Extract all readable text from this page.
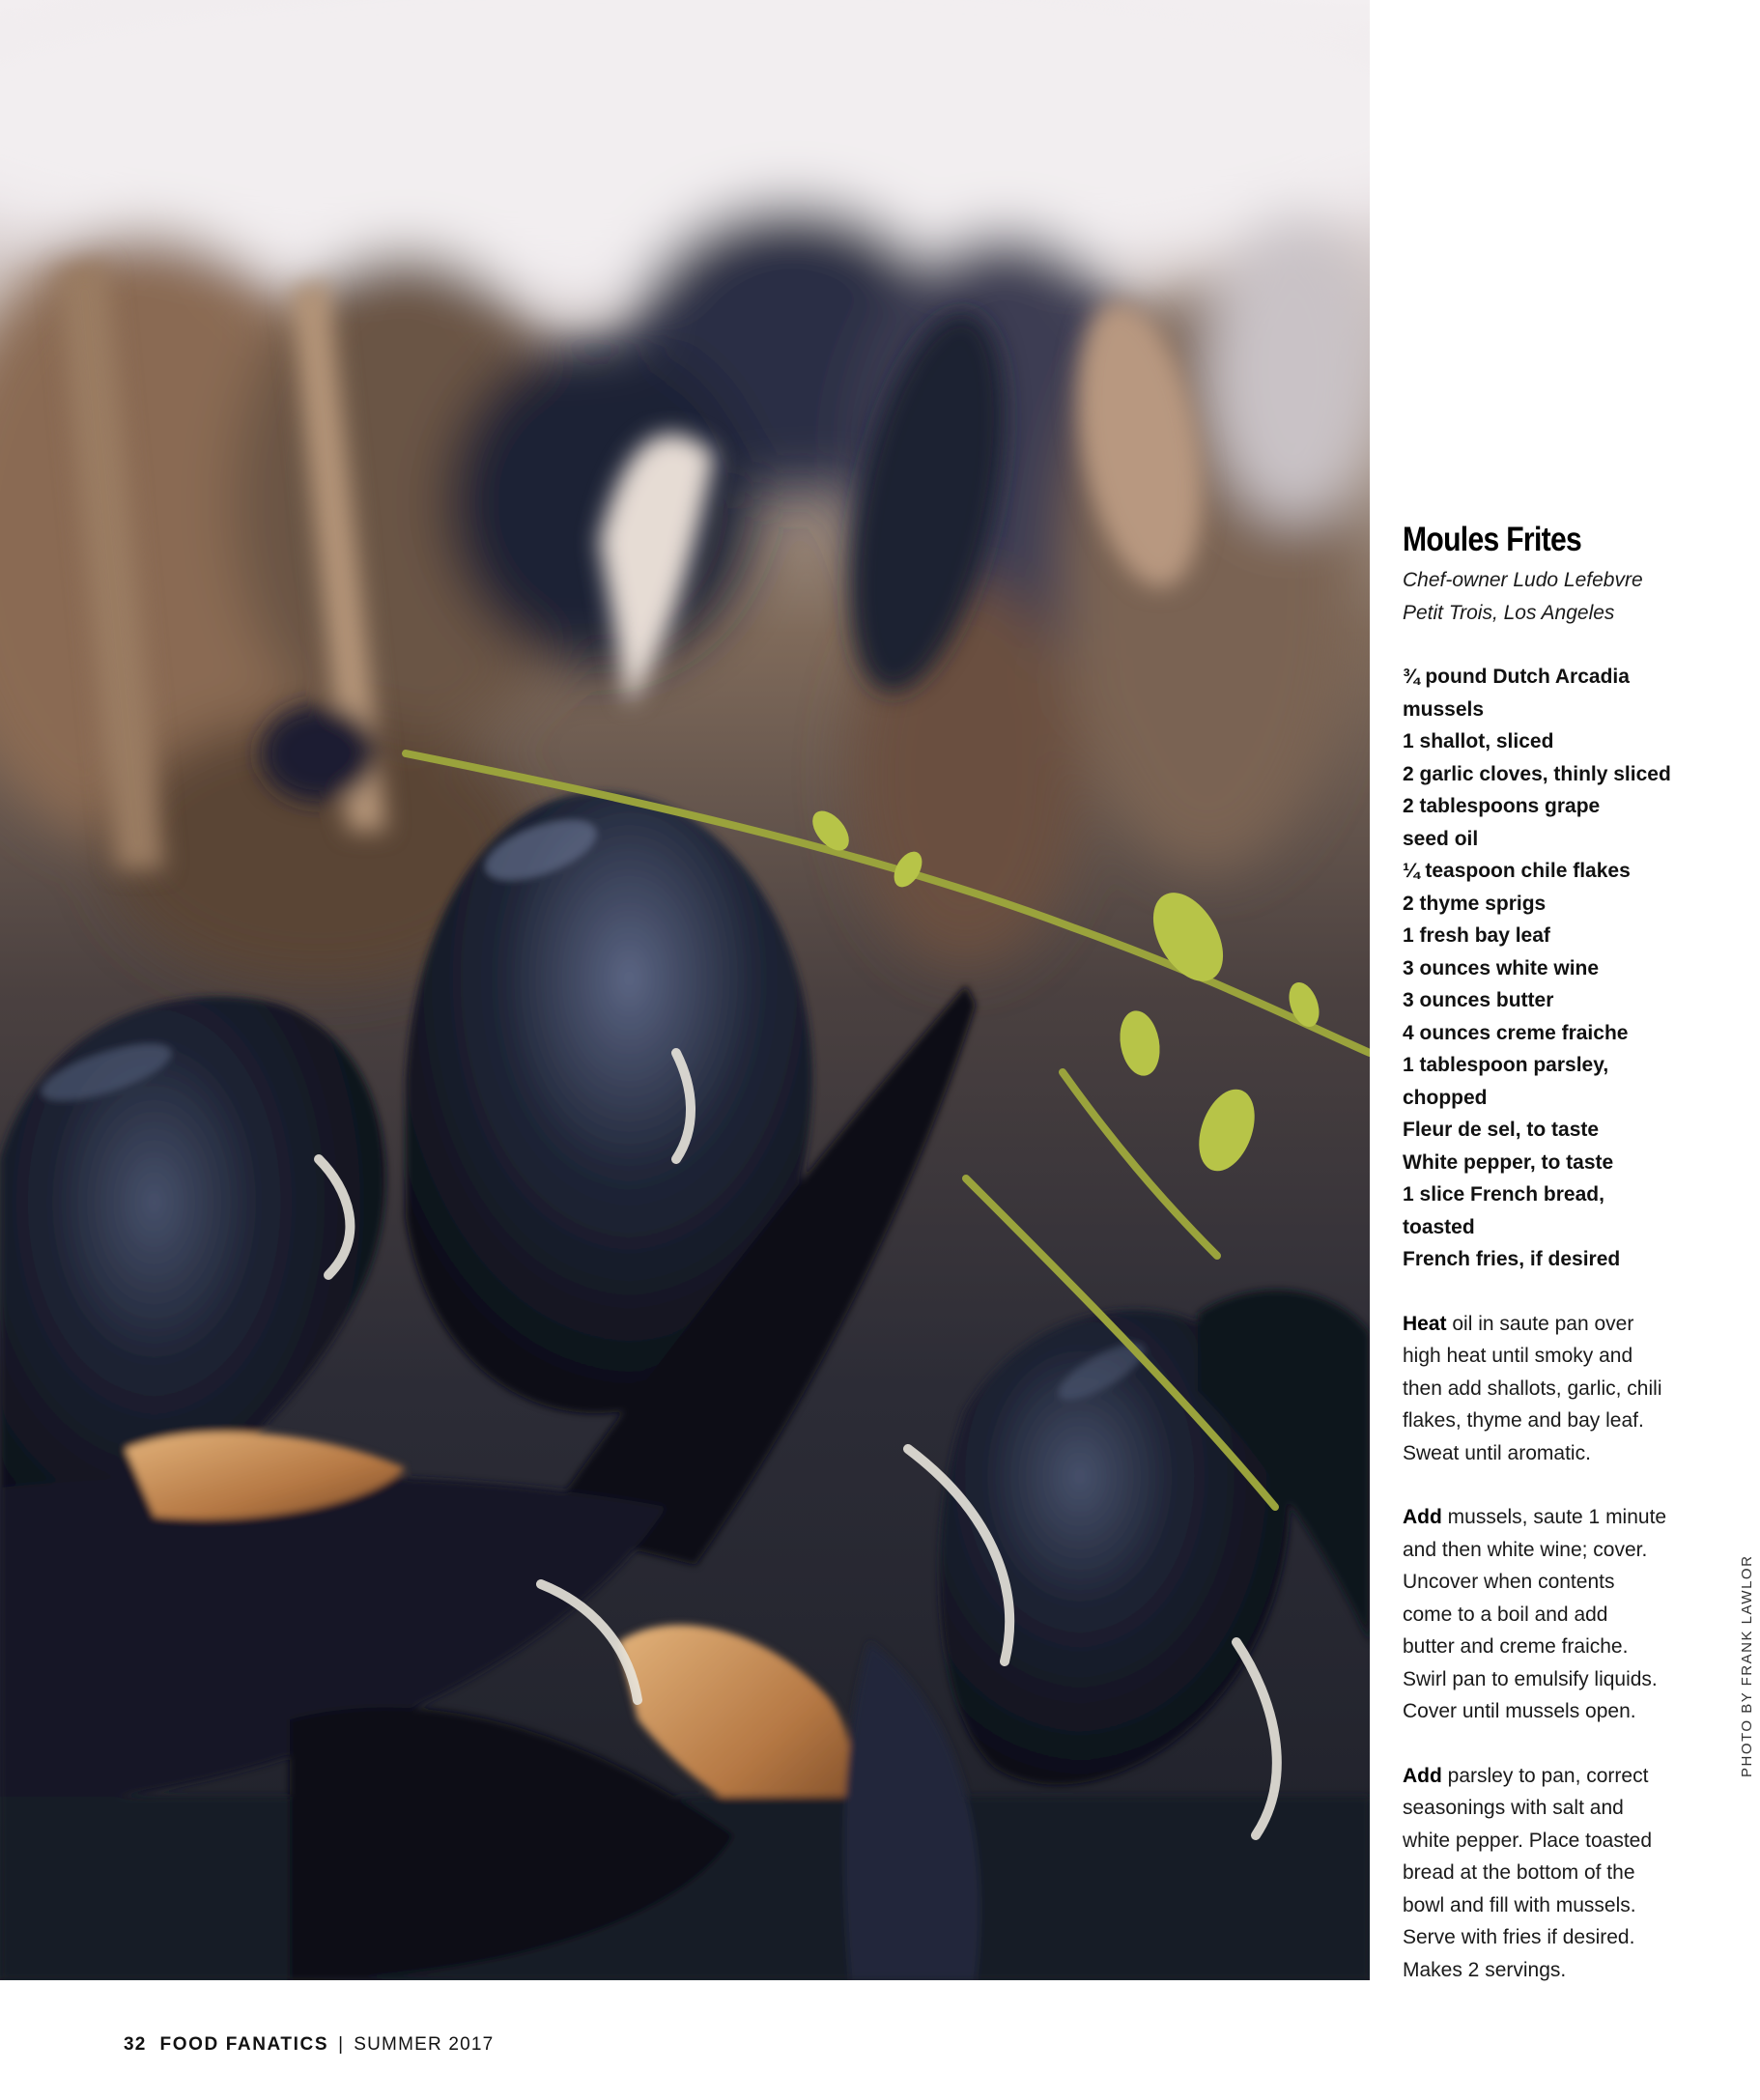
PHOTO BY FRANK LAWLOR
Moules Frites

Chef-owner Ludo Lefebvre
Petit Trois, Los Angeles

¾ pound Dutch Arcadia
mussels
1 shallot, sliced
2 garlic cloves, thinly sliced
2 tablespoons grape
seed oil
¼ teaspoon chile flakes
2 thyme sprigs
1 fresh bay leaf
3 ounces white wine
3 ounces butter
4 ounces creme fraiche
1 tablespoon parsley,
chopped
Fleur de sel, to taste
White pepper, to taste
1 slice French bread,
toasted
French fries, if desired

Heat oil in saute pan over
high heat until smoky and
then add shallots, garlic, chili
flakes, thyme and bay leaf.
Sweat until aromatic.

Add mussels, saute 1 minute
and then white wine; cover.
Uncover when contents
come to a boil and add
butter and creme fraiche.
Swirl pan to emulsify liquids.
Cover until mussels open.

Add parsley to pan, correct
seasonings with salt and
white pepper. Place toasted
bread at the bottom of the
bowl and fill with mussels.
Serve with fries if desired.
Makes 2 servings.

32 FOOD FANATICS | SUMMER 2017
